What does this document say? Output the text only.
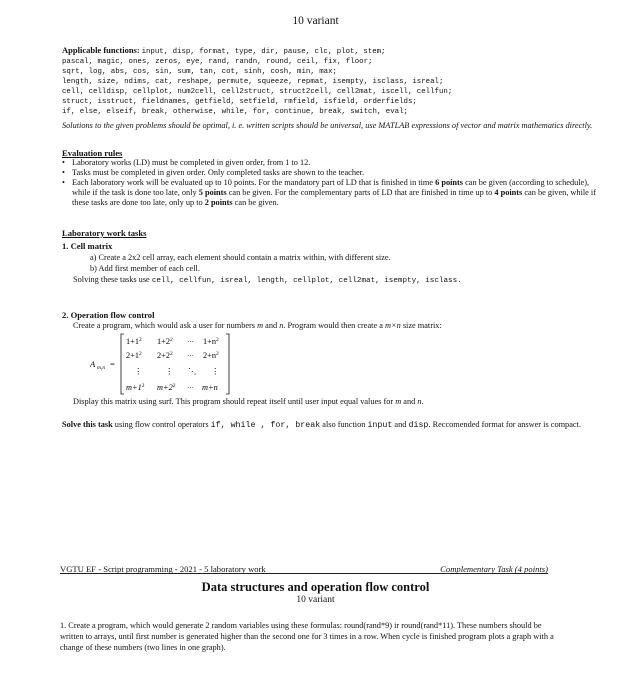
10 variant
Applicable functions: input, disp, format, type, dir, pause, clc, plot, stem;
pascal, magic, ones, zeros, eye, rand, randn, round, ceil, fix, floor;
sqrt, log, abs, cos, sin, sum, tan, cot, sinh, cosh, min, max;
length, size, ndims, cat, reshape, permute, squeeze, repmat, isempty, isclass, isreal;
cell, celldisp, cellplot, num2cell, cell2struct, struct2cell, cell2mat, iscell, cellfun;
struct, isstruct, fieldnames, getfield, setfield, rmfield, isfield, orderfields;
if, else, elseif, break, otherwise, while, for, continue, break, switch, eval;
Solutions to the given problems should be optimal, i. e. written scripts should be universal, use MATLAB expressions of vector and matrix mathematics directly.
Evaluation rules
• Laboratory works (LD) must be completed in given order, from 1 to 12.
• Tasks must be completed in given order. Only completed tasks are shown to the teacher.
• Each laboratory work will be evaluated up to 10 points. For the mandatory part of LD that is finished in time 6 points can be given (according to schedule), while if the task is done too late, only 5 points can be given. For the complementary parts of LD that are finished in time up to 4 points can be given, while if these tasks are done too late, only up to 2 points can be given.
Laboratory work tasks
1. Cell matrix
a) Create a 2x2 cell array, each element should contain a matrix within, with different size.
b) Add first member of each cell.
Solving these tasks use cell, cellfun, isreal, length, cellplot, cell2mat, isempty, isclass.
2. Operation flow control
Create a program, which would ask a user for numbers m and n. Program would then create a m×n size matrix:
A m,n =
$1+1^2$ $1+2^2$ ··· $1+n^2$
$2+1^2$ $2+2^2$ ··· $2+n^2$
⋮	⋮ ⋱ ⋮
$m+1^2$ $m+2^2$ ··· m+n
Display this matrix using surf. This program should repeat itself until user input equal values for m and n.
Solve this task using flow control operators if, while , for, break also function input and disp. Reccomended format for answer is compact.
VGTU EF - Script programming - 2021 - 5 laboratory work	Complementary Task (4 points)
Data structures and operation flow control
10 variant
1. Create a program, which would generate 2 random variables using these formulas: round(rand*9) ir round(rand*11). These numbers should be written to arrays, until first number is generated higher than the second one for 3 times in a row. When cycle is finished program plots a graph with a change of these numbers (two lines in one graph).
